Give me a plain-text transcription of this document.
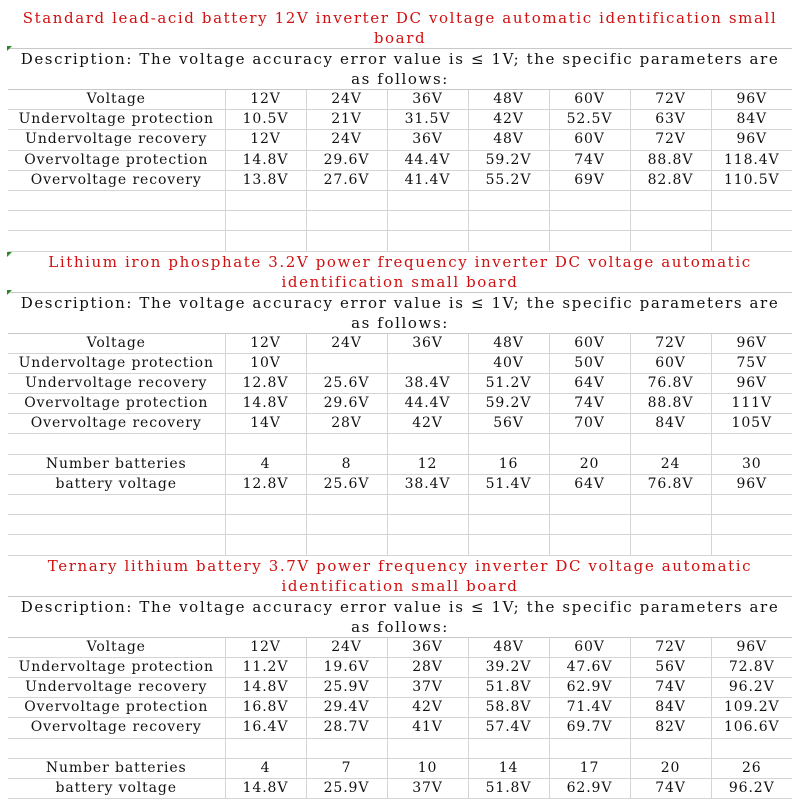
Standard lead-acid battery 12V inverter DC voltage automatic identification small board
Description: The voltage accuracy error value is ≤ 1V; the specific parameters are as follows:
Voltage	12V	24V	36V	48V	60V	72V	96V
Undervoltage protection	10.5V	21V	31.5V	42V	52.5V	63V	84V
Undervoltage recovery	12V	24V	36V	48V	60V	72V	96V
Overvoltage protection	14.8V	29.6V	44.4V	59.2V	74V	88.8V	118.4V
Overvoltage recovery	13.8V	27.6V	41.4V	55.2V	69V	82.8V	110.5V

Lithium iron phosphate 3.2V power frequency inverter DC voltage automatic identification small board
Description: The voltage accuracy error value is ≤ 1V; the specific parameters are as follows:
Voltage	12V	24V	36V	48V	60V	72V	96V
Undervoltage protection	10V			40V	50V	60V	75V
Undervoltage recovery	12.8V	25.6V	38.4V	51.2V	64V	76.8V	96V
Overvoltage protection	14.8V	29.6V	44.4V	59.2V	74V	88.8V	111V
Overvoltage recovery	14V	28V	42V	56V	70V	84V	105V

Number batteries	4	8	12	16	20	24	30
battery voltage	12.8V	25.6V	38.4V	51.4V	64V	76.8V	96V

Ternary lithium battery 3.7V power frequency inverter DC voltage automatic identification small board
Description: The voltage accuracy error value is ≤ 1V; the specific parameters are as follows:
Voltage	12V	24V	36V	48V	60V	72V	96V
Undervoltage protection	11.2V	19.6V	28V	39.2V	47.6V	56V	72.8V
Undervoltage recovery	14.8V	25.9V	37V	51.8V	62.9V	74V	96.2V
Overvoltage protection	16.8V	29.4V	42V	58.8V	71.4V	84V	109.2V
Overvoltage recovery	16.4V	28.7V	41V	57.4V	69.7V	82V	106.6V

Number batteries	4	7	10	14	17	20	26
battery voltage	14.8V	25.9V	37V	51.8V	62.9V	74V	96.2V
